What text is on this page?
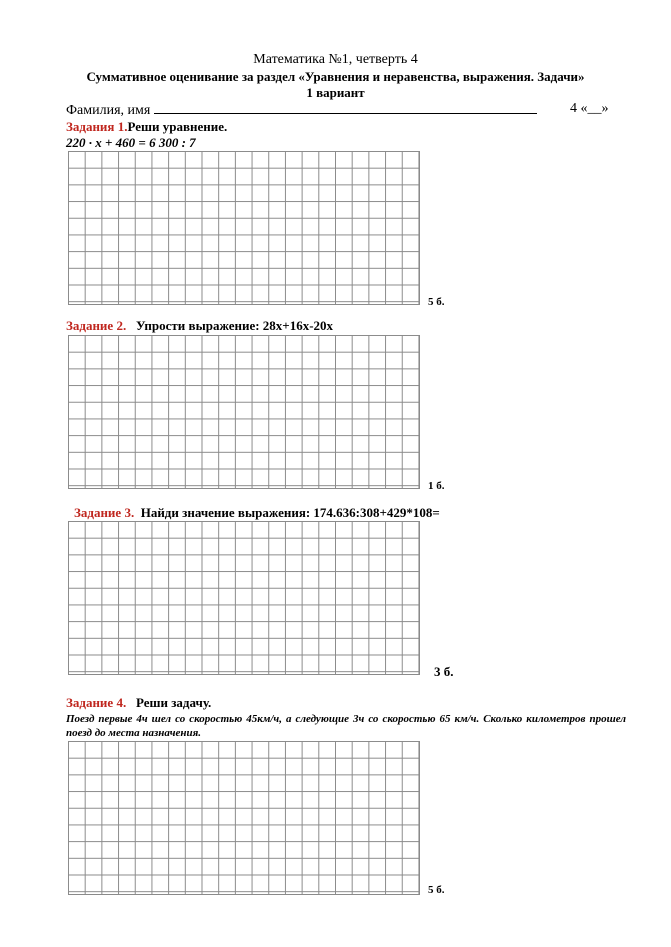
Математика №1, четверть 4
Суммативное оценивание за раздел «Уравнения и неравенства, выражения. Задачи»
1 вариант
Фамилия, имя	4 «__»
Задания 1.Реши уравнение.
220 · x + 460 = 6 300 : 7
5 б.
Задание 2. Упрости выражение: 28x+16x-20x
1 б.
Задание 3. Найди значение выражения: 174.636:308+429*108=
3 б.
Задание 4. Реши задачу.
Поезд первые 4ч шел со скоростью 45км/ч, а следующие 3ч со скоростью 65 км/ч. Сколько километров прошел поезд до места назначения.
5 б.
